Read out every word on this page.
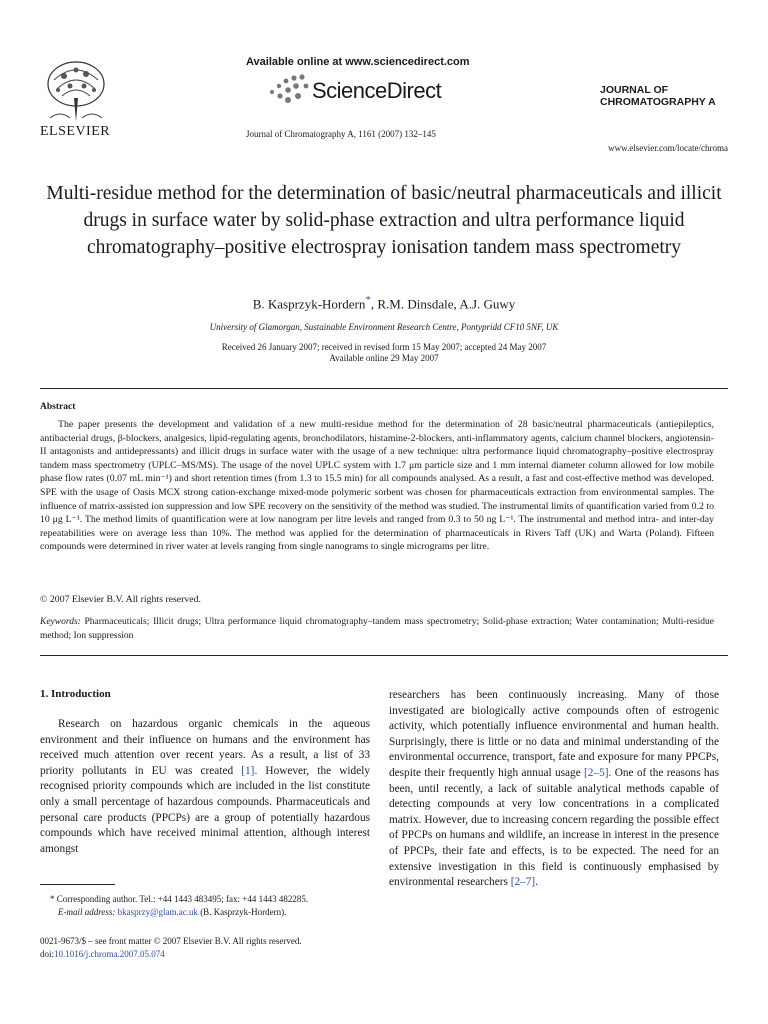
ELSEVIER
Available online at www.sciencedirect.com
ScienceDirect
Journal of Chromatography A, 1161 (2007) 132–145
JOURNAL OF
CHROMATOGRAPHY A
www.elsevier.com/locate/chroma
Multi-residue method for the determination of basic/neutral pharmaceuticals and illicit drugs in surface water by solid-phase extraction and ultra performance liquid chromatography–positive electrospray ionisation tandem mass spectrometry
B. Kasprzyk-Hordern*, R.M. Dinsdale, A.J. Guwy
University of Glamorgan, Sustainable Environment Research Centre, Pontypridd CF10 5NF, UK
Received 26 January 2007; received in revised form 15 May 2007; accepted 24 May 2007
Available online 29 May 2007
Abstract
The paper presents the development and validation of a new multi-residue method for the determination of 28 basic/neutral pharmaceuticals (antiepileptics, antibacterial drugs, β-blockers, analgesics, lipid-regulating agents, bronchodilators, histamine-2-blockers, anti-inflammatory agents, calcium channel blockers, angiotensin-II antagonists and antidepressants) and illicit drugs in surface water with the usage of a new technique: ultra performance liquid chromatography–positive electrospray tandem mass spectrometry (UPLC–MS/MS). The usage of the novel UPLC system with 1.7 μm particle size and 1 mm internal diameter column allowed for low mobile phase flow rates (0.07 mL min⁻¹) and short retention times (from 1.3 to 15.5 min) for all compounds analysed. As a result, a fast and cost-effective method was developed. SPE with the usage of Oasis MCX strong cation-exchange mixed-mode polymeric sorbent was chosen for pharmaceuticals extraction from environmental samples. The influence of matrix-assisted ion suppression and low SPE recovery on the sensitivity of the method was studied. The instrumental limits of quantification varied from 0.2 to 10 μg L⁻¹. The method limits of quantification were at low nanogram per litre levels and ranged from 0.3 to 50 ng L⁻¹. The instrumental and method intra- and inter-day repeatabilities were on average less than 10%. The method was applied for the determination of pharmaceuticals in Rivers Taff (UK) and Warta (Poland). Fifteen compounds were determined in river water at levels ranging from single nanograms to single micrograms per litre.
© 2007 Elsevier B.V. All rights reserved.
Keywords: Pharmaceuticals; Illicit drugs; Ultra performance liquid chromatography–tandem mass spectrometry; Solid-phase extraction; Water contamination; Multi-residue method; Ion suppression
1. Introduction
Research on hazardous organic chemicals in the aqueous environment and their influence on humans and the environment has received much attention over recent years. As a result, a list of 33 priority pollutants in EU was created [1]. However, the widely recognised priority compounds which are included in the list constitute only a small percentage of hazardous compounds. Pharmaceuticals and personal care products (PPCPs) are a group of potentially hazardous compounds which have received minimal attention, although interest amongst
researchers has been continuously increasing. Many of those investigated are biologically active compounds often of estrogenic activity, which potentially influence environmental and human health. Surprisingly, there is little or no data and minimal understanding of the environmental occurrence, transport, fate and exposure for many PPCPs, despite their frequently high annual usage [2–5]. One of the reasons has been, until recently, a lack of suitable analytical methods capable of detecting compounds at very low concentrations in a complicated matrix. However, due to increasing concern regarding the possible effect of PPCPs on humans and wildlife, an increase in interest in the presence of PPCPs, their fate and effects, is to be expected. The need for an extensive investigation in this field is continuously emphasised by environmental researchers [2–7].
* Corresponding author. Tel.: +44 1443 483495; fax: +44 1443 482285.
E-mail address: bkasprzy@glam.ac.uk (B. Kasprzyk-Hordern).
0021-9673/$ – see front matter © 2007 Elsevier B.V. All rights reserved.
doi:10.1016/j.chroma.2007.05.074
